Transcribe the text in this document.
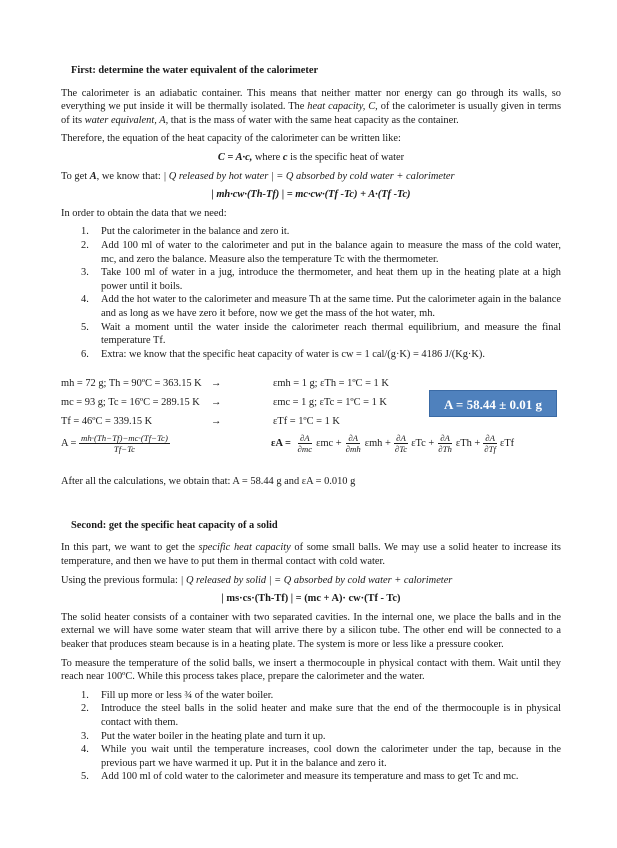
First: determine the water equivalent of the calorimeter
The calorimeter is an adiabatic container. This means that neither matter nor energy can go through its walls, so everything we put inside it will be thermally isolated. The heat capacity, C, of the calorimeter is usually given in terms of its water equivalent, A, that is the mass of water with the same heat capacity as the container.
Therefore, the equation of the heat capacity of the calorimeter can be written like:
C = A·c, where c is the specific heat of water
To get A, we know that: | Q released by hot water | = Q absorbed by cold water + calorimeter
| mh·cw·(Th-Tf) | = mc·cw·(Tf -Tc) + A·(Tf -Tc)
In order to obtain the data that we need:
1.	Put the calorimeter in the balance and zero it.
2.	Add 100 ml of water to the calorimeter and put in the balance again to measure the mass of the cold water, mc, and zero the balance. Measure also the temperature Tc with the thermometer.
3.	Take 100 ml of water in a jug, introduce the thermometer, and heat them up in the heating plate at a high power until it boils.
4.	Add the hot water to the calorimeter and measure Th at the same time. Put the calorimeter again in the balance and as long as we have zero it before, now we get the mass of the hot water, mh.
5.	Wait a moment until the water inside the calorimeter reach thermal equilibrium, and measure the final temperature Tf.
6.	Extra: we know that the specific heat capacity of water is cw = 1 cal/(g·K) = 4186 J/(Kg·K).
mh = 72 g; Th = 90ºC = 363.15 K →	εmh = 1 g; εTh = 1ºC = 1 K
mc = 93 g; Tc = 16ºC = 289.15 K →	εmc = 1 g; εTc = 1ºC = 1 K
Tf = 46ºC = 339.15 K	→	εTf = 1ºC = 1 K
A = 58.44 ± 0.01 g
$A = \frac{mh\cdot(Th-Tf)-mc\cdot(Tf-Tc)}{Tf-Tc}$	$\varepsilon A = \frac{\partial A}{\partial mc}$ $\varepsilon mc + \frac{\partial A}{\partial mh}$ $\varepsilon mh + \frac{\partial A}{\partial Tc}$ $\varepsilon Tc + \frac{\partial A}{\partial Th}$ $\varepsilon Th + \frac{\partial A}{\partial Tf}$ εTf
After all the calculations, we obtain that: A = 58.44 g and εA = 0.010 g
Second: get the specific heat capacity of a solid
In this part, we want to get the specific heat capacity of some small balls. We may use a solid heater to increase its temperature, and then we have to put them in thermal contact with cold water.
Using the previous formula: | Q released by solid | = Q absorbed by cold water + calorimeter
| ms·cs·(Th-Tf) | = (mc + A)· cw·(Tf - Tc)
The solid heater consists of a container with two separated cavities. In the internal one, we place the balls and in the external we will have some water steam that will arrive there by a silicon tube. The other end will be connected to a beaker that produces steam because is in a heating plate. The system is more or less like a pressure cooker.
To measure the temperature of the solid balls, we insert a thermocouple in physical contact with them. Wait until they reach near 100ºC. While this process takes place, prepare the calorimeter and the water.
1.	Fill up more or less ¾ of the water boiler.
2.	Introduce the steel balls in the solid heater and make sure that the end of the thermocouple is in physical contact with them.
3.	Put the water boiler in the heating plate and turn it up.
4.	While you wait until the temperature increases, cool down the calorimeter under the tap, because in the previous part we have warmed it up. Put it in the balance and zero it.
5.	Add 100 ml of cold water to the calorimeter and measure its temperature and mass to get Tc and mc.
